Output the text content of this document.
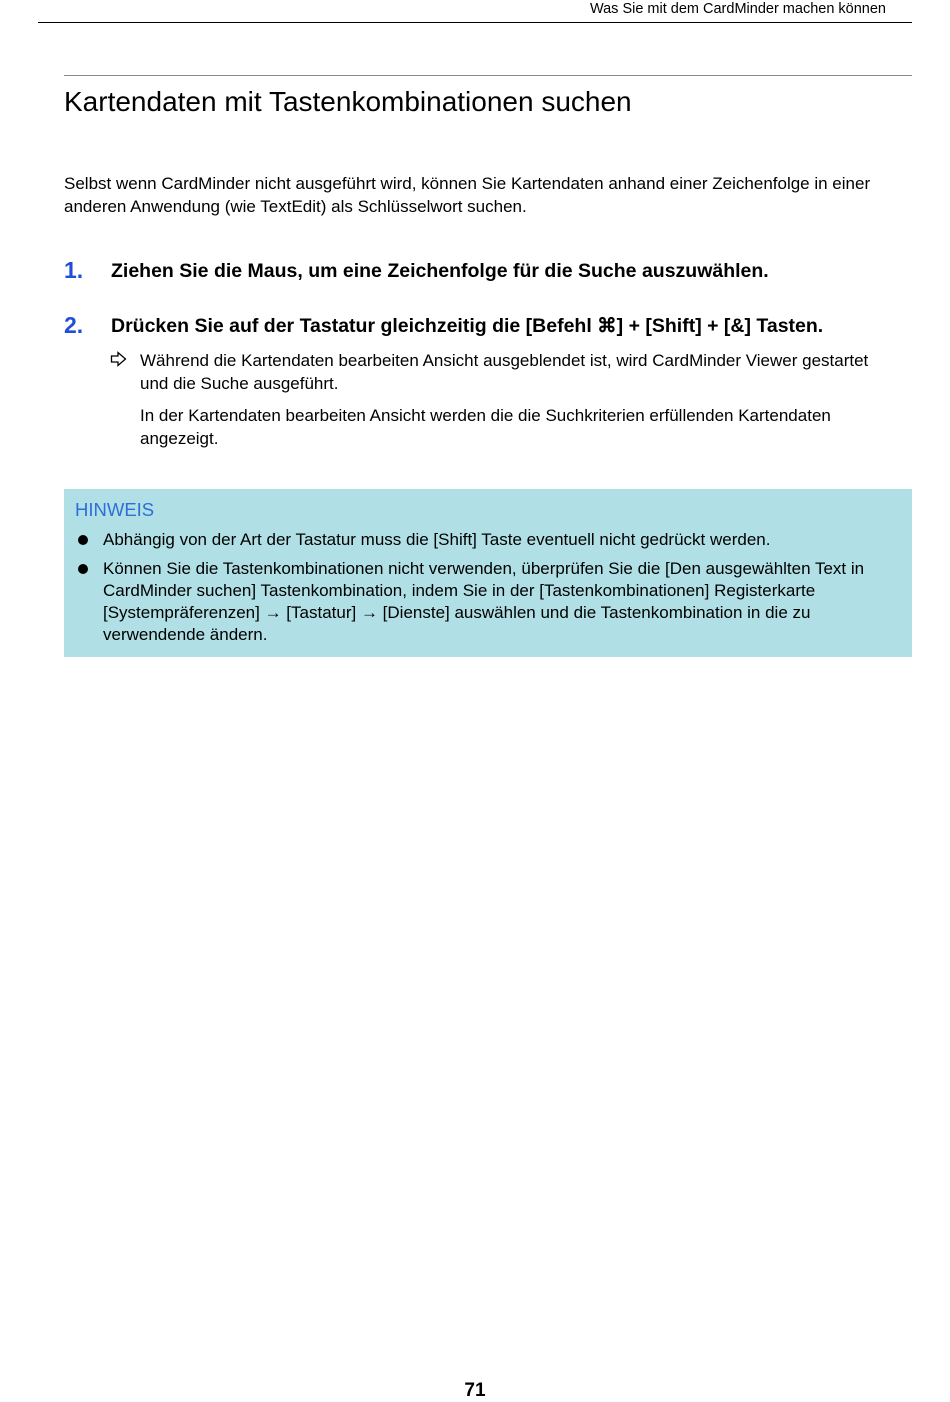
Was Sie mit dem CardMinder machen können
Kartendaten mit Tastenkombinationen suchen

Selbst wenn CardMinder nicht ausgeführt wird, können Sie Kartendaten anhand einer Zeichenfolge in einer anderen Anwendung (wie TextEdit) als Schlüsselwort suchen.

1. Ziehen Sie die Maus, um eine Zeichenfolge für die Suche auszuwählen.
2. Drücken Sie auf der Tastatur gleichzeitig die [Befehl ⌘] + [Shift] + [&] Tasten.

Während die Kartendaten bearbeiten Ansicht ausgeblendet ist, wird CardMinder Viewer gestartet und die Suche ausgeführt.

In der Kartendaten bearbeiten Ansicht werden die die Suchkriterien erfüllenden Kartendaten angezeigt.

HINWEIS
Abhängig von der Art der Tastatur muss die [Shift] Taste eventuell nicht gedrückt werden.
Können Sie die Tastenkombinationen nicht verwenden, überprüfen Sie die [Den ausgewählten Text in CardMinder suchen] Tastenkombination, indem Sie in der [Tastenkombinationen] Registerkarte [Systempräferenzen] → [Tastatur] → [Dienste] auswählen und die Tastenkombination in die zu verwendende ändern.
71
